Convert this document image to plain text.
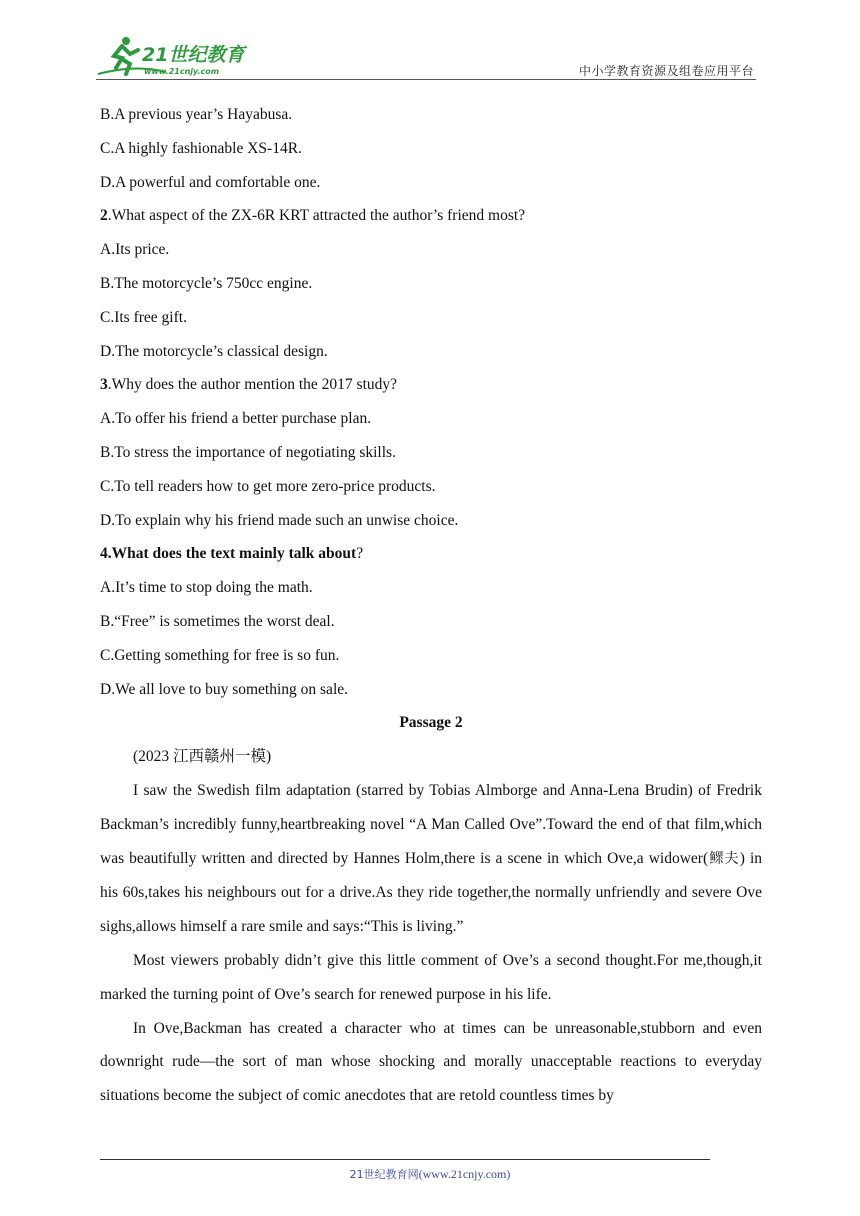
21世纪教育
www.21cnjy.com	中小学教育资源及组卷应用平台
B.A previous year’s Hayabusa.
C.A highly fashionable XS-14R.
D.A powerful and comfortable one.
2.What aspect of the ZX-6R KRT attracted the author’s friend most?
A.Its price.
B.The motorcycle’s 750cc engine.
C.Its free gift.
D.The motorcycle’s classical design.
3.Why does the author mention the 2017 study?
A.To offer his friend a better purchase plan.
B.To stress the importance of negotiating skills.
C.To tell readers how to get more zero-price products.
D.To explain why his friend made such an unwise choice.
4.What does the text mainly talk about?
A.It’s time to stop doing the math.
B.“Free” is sometimes the worst deal.
C.Getting something for free is so fun.
D.We all love to buy something on sale.
Passage 2
(2023 江西赣州一模)

I saw the Swedish film adaptation (starred by Tobias Almborge and Anna-Lena Brudin) of Fredrik Backman’s incredibly funny,heartbreaking novel “A Man Called Ove”.Toward the end of that film,which was beautifully written and directed by Hannes Holm,there is a scene in which Ove,a widower(鳏夫) in his 60s,takes his neighbours out for a drive.As they ride together,the normally unfriendly and severe Ove sighs,allows himself a rare smile and says:“This is living.”

Most viewers probably didn’t give this little comment of Ove’s a second thought.For me,though,it marked the turning point of Ove’s search for renewed purpose in his life.

In Ove,Backman has created a character who at times can be unreasonable,stubborn and even downright rude—the sort of man whose shocking and morally unacceptable reactions to everyday situations become the subject of comic anecdotes that are retold countless times by

21世纪教育网(www.21cnjy.com)
